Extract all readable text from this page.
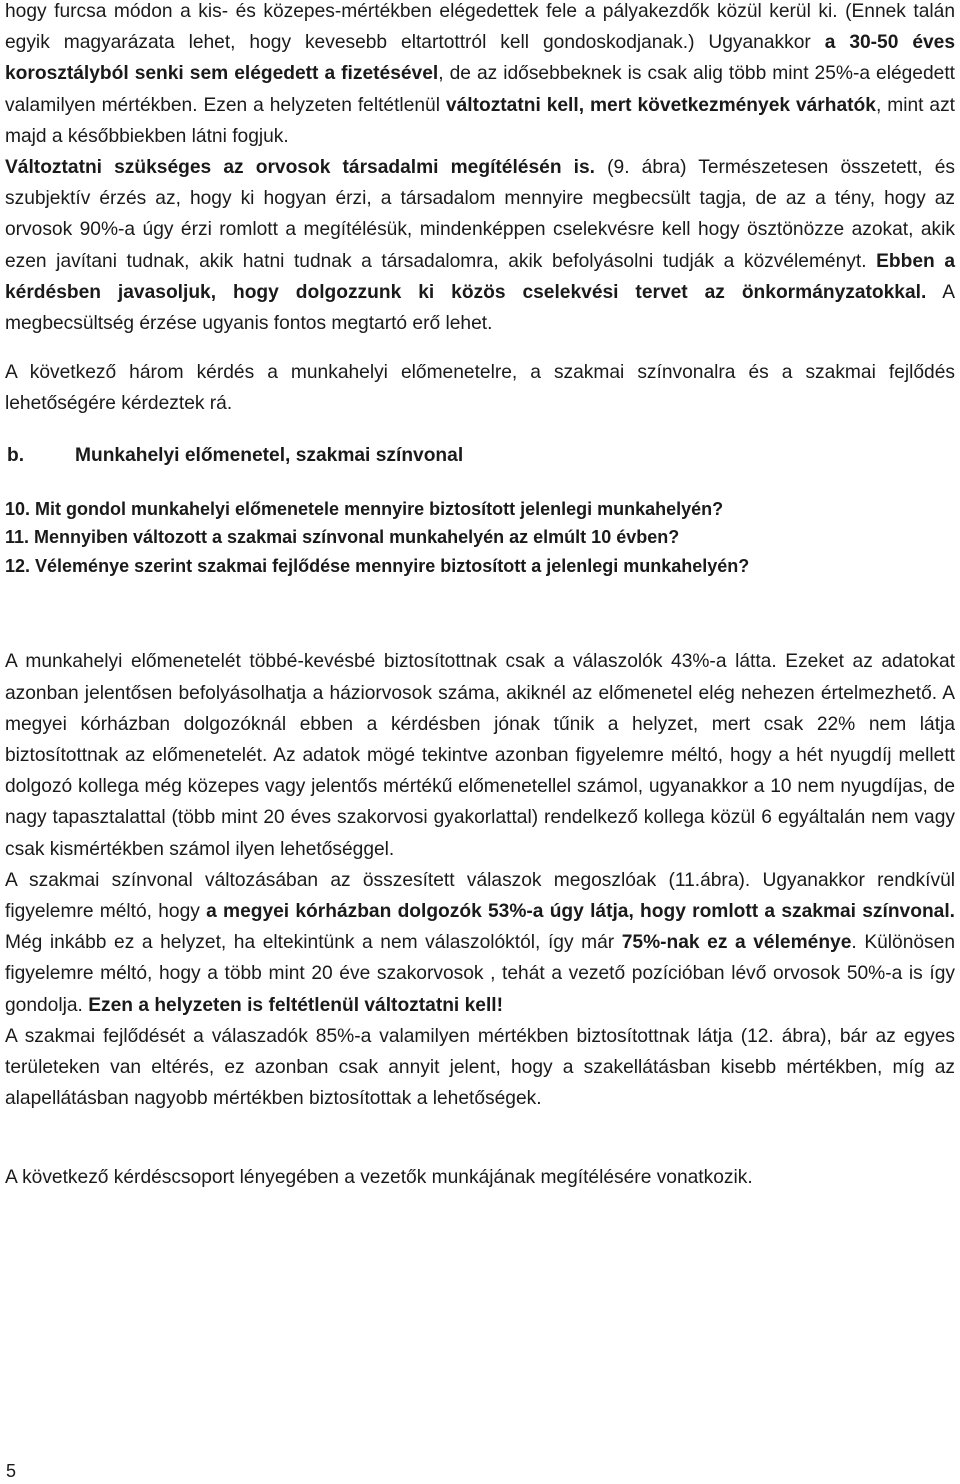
hogy furcsa módon a kis- és közepes-mértékben elégedettek fele a pályakezdők közül kerül ki. (Ennek talán egyik magyarázata lehet, hogy kevesebb eltartottról kell gondoskodjanak.) Ugyanakkor a 30-50 éves korosztályból senki sem elégedett a fizetésével, de az idősebbeknek is csak alig több mint 25%-a elégedett valamilyen mértékben. Ezen a helyzeten feltétlenül változtatni kell, mert következmények várhatók, mint azt majd a későbbiekben látni fogjuk.

Változtatni szükséges az orvosok társadalmi megítélésén is. (9. ábra) Természetesen összetett, és szubjektív érzés az, hogy ki hogyan érzi, a társadalom mennyire megbecsült tagja, de az a tény, hogy az orvosok 90%-a úgy érzi romlott a megítélésük, mindenképpen cselekvésre kell hogy ösztönözze azokat, akik ezen javítani tudnak, akik hatni tudnak a társadalomra, akik befolyásolni tudják a közvéleményt. Ebben a kérdésben javasoljuk, hogy dolgozzunk ki közös cselekvési tervet az önkormányzatokkal. A megbecsültség érzése ugyanis fontos megtartó erő lehet.

A következő három kérdés a munkahelyi előmenetelre, a szakmai színvonalra és a szakmai fejlődés lehetőségére kérdeztek rá.

b.	Munkahelyi előmenetel, szakmai színvonal

10. Mit gondol munkahelyi előmenetele mennyire biztosított jelenlegi munkahelyén?

11. Mennyiben változott a szakmai színvonal munkahelyén az elmúlt 10 évben?

12. Véleménye szerint szakmai fejlődése mennyire biztosított a jelenlegi munkahelyén?

A munkahelyi előmenetelét többé-kevésbé biztosítottnak csak a válaszolók 43%-a látta. Ezeket az adatokat azonban jelentősen befolyásolhatja a háziorvosok száma, akiknél az előmenetel elég nehezen értelmezhető. A megyei kórházban dolgozóknál ebben a kérdésben jónak tűnik a helyzet, mert csak 22% nem látja biztosítottnak az előmenetelét. Az adatok mögé tekintve azonban figyelemre méltó, hogy a hét nyugdíj mellett dolgozó kollega még közepes vagy jelentős mértékű előmenetellel számol, ugyanakkor a 10 nem nyugdíjas, de nagy tapasztalattal (több mint 20 éves szakorvosi gyakorlattal) rendelkező kollega közül 6 egyáltalán nem vagy csak kismértékben számol ilyen lehetőséggel.

A szakmai színvonal változásában az összesített válaszok megoszlóak (11.ábra). Ugyanakkor rendkívül figyelemre méltó, hogy a megyei kórházban dolgozók 53%-a úgy látja, hogy romlott a szakmai színvonal. Még inkább ez a helyzet, ha eltekintünk a nem válaszolóktól, így már 75%-nak ez a véleménye. Különösen figyelemre méltó, hogy a több mint 20 éve szakorvosok , tehát a vezető pozícióban lévő orvosok 50%-a is így gondolja. Ezen a helyzeten is feltétlenül változtatni kell!

A szakmai fejlődését a válaszadók 85%-a valamilyen mértékben biztosítottnak látja (12. ábra), bár az egyes területeken van eltérés, ez azonban csak annyit jelent, hogy a szakellátásban kisebb mértékben, míg az alapellátásban nagyobb mértékben biztosítottak a lehetőségek.

A következő kérdéscsoport lényegében a vezetők munkájának megítélésére vonatkozik.

5
